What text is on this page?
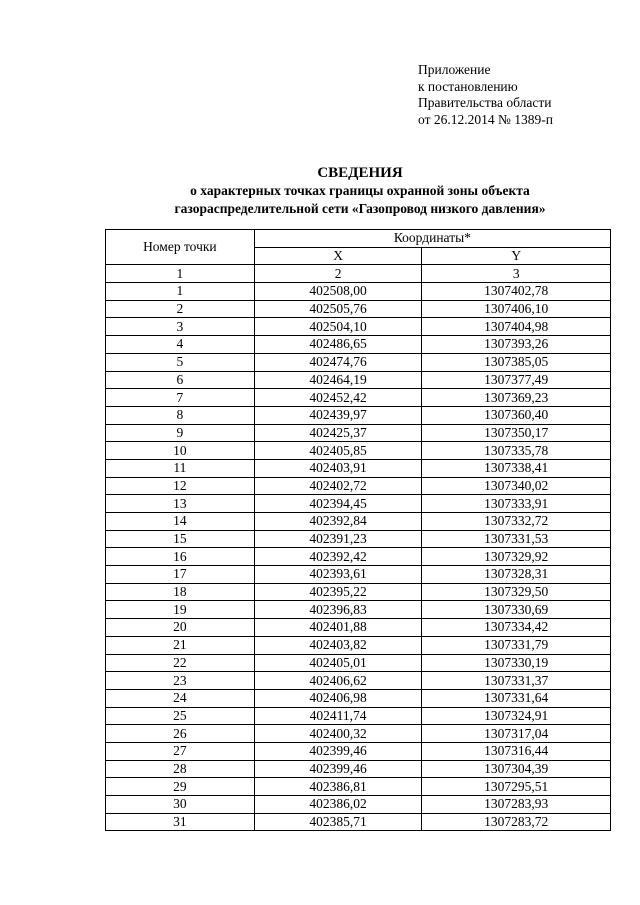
Приложение
к постановлению
Правительства области
от 26.12.2014 № 1389-п
СВЕДЕНИЯ
о характерных точках границы охранной зоны объекта
газораспределительной сети «Газопровод низкого давления»
Номер точки	Координаты*	
	X	Y
1	2	3
1	402508,00	1307402,78
2	402505,76	1307406,10
3	402504,10	1307404,98
4	402486,65	1307393,26
5	402474,76	1307385,05
6	402464,19	1307377,49
7	402452,42	1307369,23
8	402439,97	1307360,40
9	402425,37	1307350,17
10	402405,85	1307335,78
11	402403,91	1307338,41
12	402402,72	1307340,02
13	402394,45	1307333,91
14	402392,84	1307332,72
15	402391,23	1307331,53
16	402392,42	1307329,92
17	402393,61	1307328,31
18	402395,22	1307329,50
19	402396,83	1307330,69
20	402401,88	1307334,42
21	402403,82	1307331,79
22	402405,01	1307330,19
23	402406,62	1307331,37
24	402406,98	1307331,64
25	402411,74	1307324,91
26	402400,32	1307317,04
27	402399,46	1307316,44
28	402399,46	1307304,39
29	402386,81	1307295,51
30	402386,02	1307283,93
31	402385,71	1307283,72
